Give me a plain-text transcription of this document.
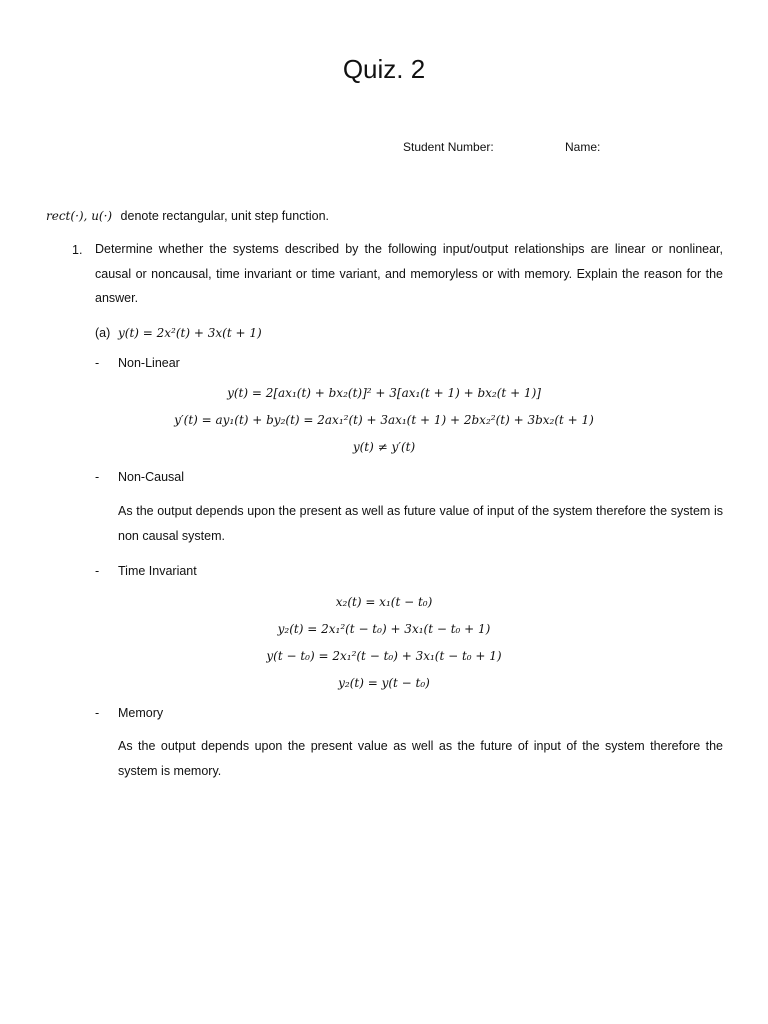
Quiz. 2
Student Number:	Name:
rect(·), u(·) denote rectangular, unit step function.
1. Determine whether the systems described by the following input/output relationships are linear or nonlinear, causal or noncausal, time invariant or time variant, and memoryless or with memory. Explain the reason for the answer.
(a) y(t) = 2x²(t) + 3x(t + 1)
- Non-Linear
y(t) = 2[ax₁(t) + bx₂(t)]² + 3[ax₁(t + 1) + bx₂(t + 1)]
y′(t) = ay₁(t) + by₂(t) = 2ax₁²(t) + 3ax₁(t + 1) + 2bx₂²(t) + 3bx₂(t + 1)
y(t) ≠ y′(t)
- Non-Causal
As the output depends upon the present as well as future value of input of the system therefore the system is non causal system.
- Time Invariant
x₂(t) = x₁(t − t₀)
y₂(t) = 2x₁²(t − t₀) + 3x₁(t − t₀ + 1)
y(t − t₀) = 2x₁²(t − t₀) + 3x₁(t − t₀ + 1)
y₂(t) = y(t − t₀)
- Memory
As the output depends upon the present value as well as the future of input of the system therefore the system is memory.
